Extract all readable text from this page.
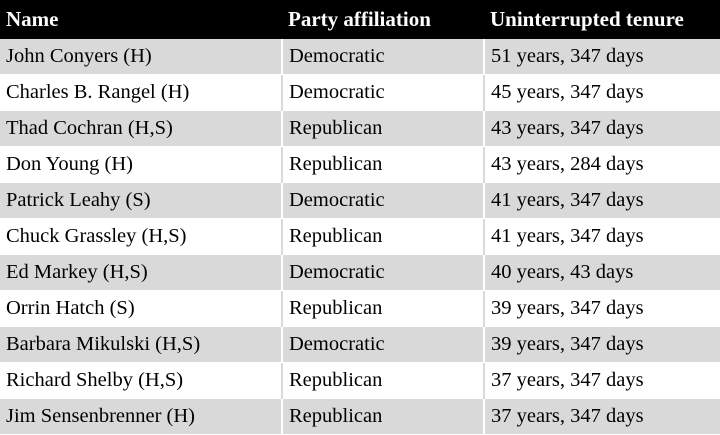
Name	Party affiliation	Uninterrupted tenure
John Conyers (H)	Democratic	51 years, 347 days
Charles B. Rangel (H)	Democratic	45 years, 347 days
Thad Cochran (H,S)	Republican	43 years, 347 days
Don Young (H)	Republican	43 years, 284 days
Patrick Leahy (S)	Democratic	41 years, 347 days
Chuck Grassley (H,S)	Republican	41 years, 347 days
Ed Markey (H,S)	Democratic	40 years, 43 days
Orrin Hatch (S)	Republican	39 years, 347 days
Barbara Mikulski (H,S)	Democratic	39 years, 347 days
Richard Shelby (H,S)	Republican	37 years, 347 days
Jim Sensenbrenner (H)	Republican	37 years, 347 days
